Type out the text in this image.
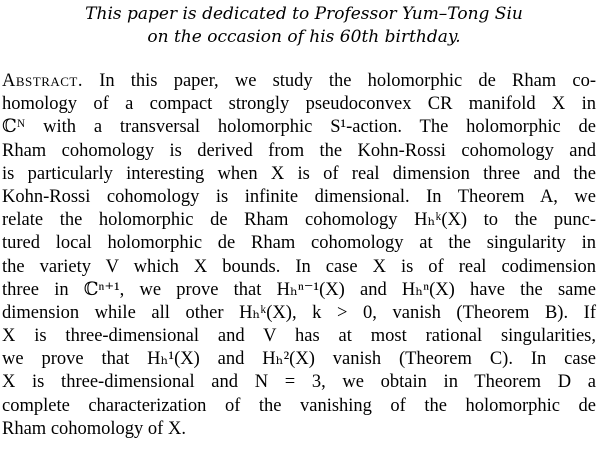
This paper is dedicated to Professor Yum–Tong Siu
on the occasion of his 60th birthday.
Abstract. In this paper, we study the holomorphic de Rham co-
homology of a compact strongly pseudoconvex CR manifold X in
ℂᴺ with a transversal holomorphic S¹-action. The holomorphic de
Rham cohomology is derived from the Kohn-Rossi cohomology and
is particularly interesting when X is of real dimension three and the
Kohn-Rossi cohomology is infinite dimensional. In Theorem A, we
relate the holomorphic de Rham cohomology Hₕᵏ(X) to the punc-
tured local holomorphic de Rham cohomology at the singularity in
the variety V which X bounds. In case X is of real codimension
three in ℂⁿ⁺¹, we prove that Hₕⁿ⁻¹(X) and Hₕⁿ(X) have the same
dimension while all other Hₕᵏ(X), k > 0, vanish (Theorem B). If
X is three-dimensional and V has at most rational singularities,
we prove that Hₕ¹(X) and Hₕ²(X) vanish (Theorem C). In case
X is three-dimensional and N = 3, we obtain in Theorem D a
complete characterization of the vanishing of the holomorphic de
Rham cohomology of X.
